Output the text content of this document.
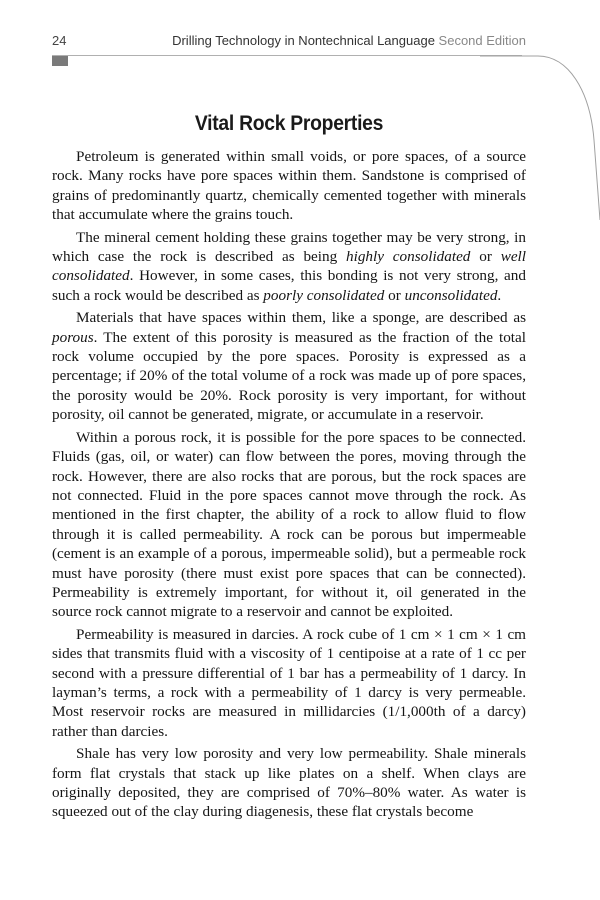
24	Drilling Technology in Nontechnical Language Second Edition
Vital Rock Properties

Petroleum is generated within small voids, or pore spaces, of a source rock. Many rocks have pore spaces within them. Sandstone is comprised of grains of predominantly quartz, chemically cemented together with minerals that accumulate where the grains touch.

The mineral cement holding these grains together may be very strong, in which case the rock is described as being highly consolidated or well consolidated. However, in some cases, this bonding is not very strong, and such a rock would be described as poorly consolidated or unconsolidated.

Materials that have spaces within them, like a sponge, are described as porous. The extent of this porosity is measured as the fraction of the total rock volume occupied by the pore spaces. Porosity is expressed as a percentage; if 20% of the total volume of a rock was made up of pore spaces, the porosity would be 20%. Rock porosity is very important, for without porosity, oil cannot be generated, migrate, or accumulate in a reservoir.

Within a porous rock, it is possible for the pore spaces to be connected. Fluids (gas, oil, or water) can flow between the pores, moving through the rock. However, there are also rocks that are porous, but the rock spaces are not connected. Fluid in the pore spaces cannot move through the rock. As mentioned in the first chapter, the ability of a rock to allow fluid to flow through it is called permeability. A rock can be porous but impermeable (cement is an example of a porous, impermeable solid), but a permeable rock must have porosity (there must exist pore spaces that can be connected). Permeability is extremely important, for without it, oil generated in the source rock cannot migrate to a reservoir and cannot be exploited.

Permeability is measured in darcies. A rock cube of 1 cm × 1 cm × 1 cm sides that transmits fluid with a viscosity of 1 centipoise at a rate of 1 cc per second with a pressure differential of 1 bar has a permeability of 1 darcy. In layman’s terms, a rock with a permeability of 1 darcy is very permeable. Most reservoir rocks are measured in millidarcies (1/1,000th of a darcy) rather than darcies.

Shale has very low porosity and very low permeability. Shale minerals form flat crystals that stack up like plates on a shelf. When clays are originally deposited, they are comprised of 70%–80% water. As water is squeezed out of the clay during diagenesis, these flat crystals become
